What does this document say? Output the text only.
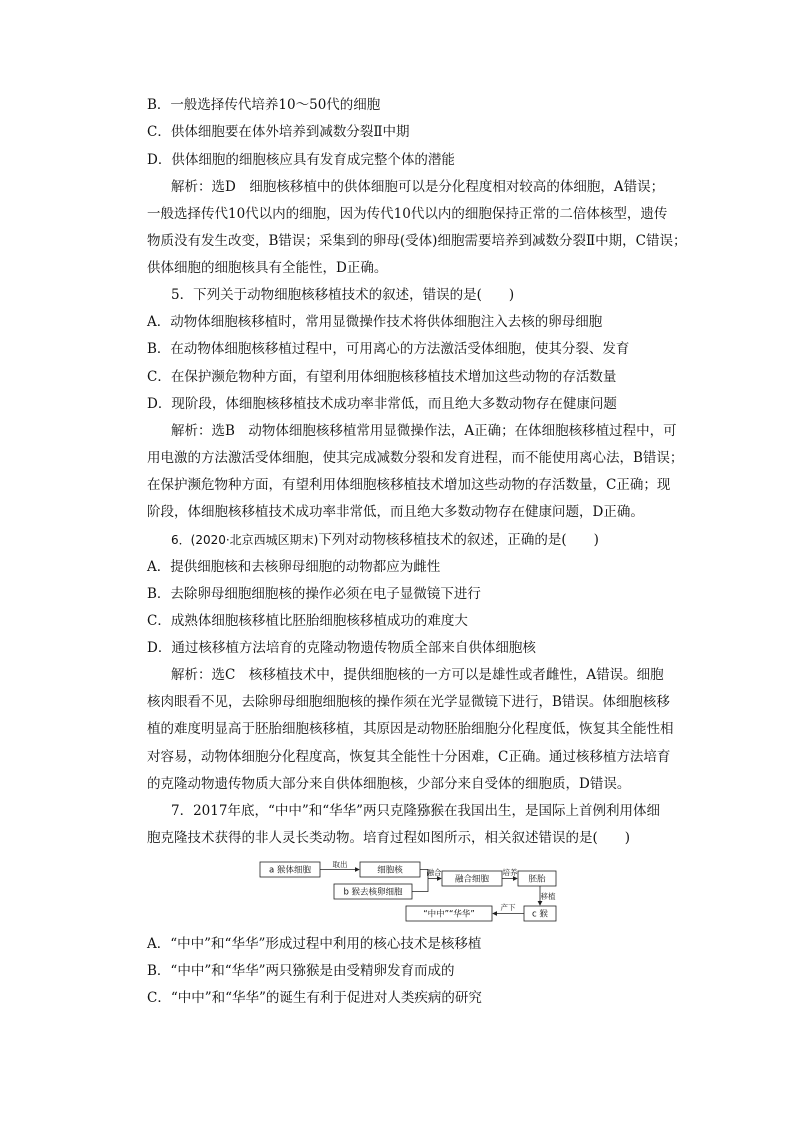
B．一般选择传代培养10～50代的细胞
C．供体细胞要在体外培养到减数分裂Ⅱ中期
D．供体细胞的细胞核应具有发育成完整个体的潜能
解析：选D　细胞核移植中的供体细胞可以是分化程度相对较高的体细胞，A错误；
一般选择传代10代以内的细胞，因为传代10代以内的细胞保持正常的二倍体核型，遗传
物质没有发生改变，B错误；采集到的卵母(受体)细胞需要培养到减数分裂Ⅱ中期，C错误；
供体细胞的细胞核具有全能性，D正确。
5．下列关于动物细胞核移植技术的叙述，错误的是(　　)
A．动物体细胞核移植时，常用显微操作技术将供体细胞注入去核的卵母细胞
B．在动物体细胞核移植过程中，可用离心的方法激活受体细胞，使其分裂、发育
C．在保护濒危物种方面，有望利用体细胞核移植技术增加这些动物的存活数量
D．现阶段，体细胞核移植技术成功率非常低，而且绝大多数动物存在健康问题
解析：选B　动物体细胞核移植常用显微操作法，A正确；在体细胞核移植过程中，可
用电激的方法激活受体细胞，使其完成减数分裂和发育进程，而不能使用离心法，B错误；
在保护濒危物种方面，有望利用体细胞核移植技术增加这些动物的存活数量，C正确；现
阶段，体细胞核移植技术成功率非常低，而且绝大多数动物存在健康问题，D正确。
6．(2020·北京西城区期末)下列对动物核移植技术的叙述，正确的是(　　)
A．提供细胞核和去核卵母细胞的动物都应为雌性
B．去除卵母细胞细胞核的操作必须在电子显微镜下进行
C．成熟体细胞核移植比胚胎细胞核移植成功的难度大
D．通过核移植方法培育的克隆动物遗传物质全部来自供体细胞核
解析：选C　核移植技术中，提供细胞核的一方可以是雄性或者雌性，A错误。细胞
核肉眼看不见，去除卵母细胞细胞核的操作须在光学显微镜下进行，B错误。体细胞核移
植的难度明显高于胚胎细胞核移植，其原因是动物胚胎细胞分化程度低，恢复其全能性相
对容易，动物体细胞分化程度高，恢复其全能性十分困难，C正确。通过核移植方法培育
的克隆动物遗传物质大部分来自供体细胞核，少部分来自受体的细胞质，D错误。
7．2017年底，“中中”和“华华”两只克隆猕猴在我国出生，是国际上首例利用体细
胞克隆技术获得的非人灵长类动物。培育过程如图所示，相关叙述错误的是(　　)
a 猴体细胞	细胞核
b 猴去核卵细胞
融合细胞	胚胎
c 猴
“中中”“华华”
取出
融合	培养
移植
产下
A．“中中”和“华华”形成过程中利用的核心技术是核移植
B．“中中”和“华华”两只猕猴是由受精卵发育而成的
C．“中中”和“华华”的诞生有利于促进对人类疾病的研究
